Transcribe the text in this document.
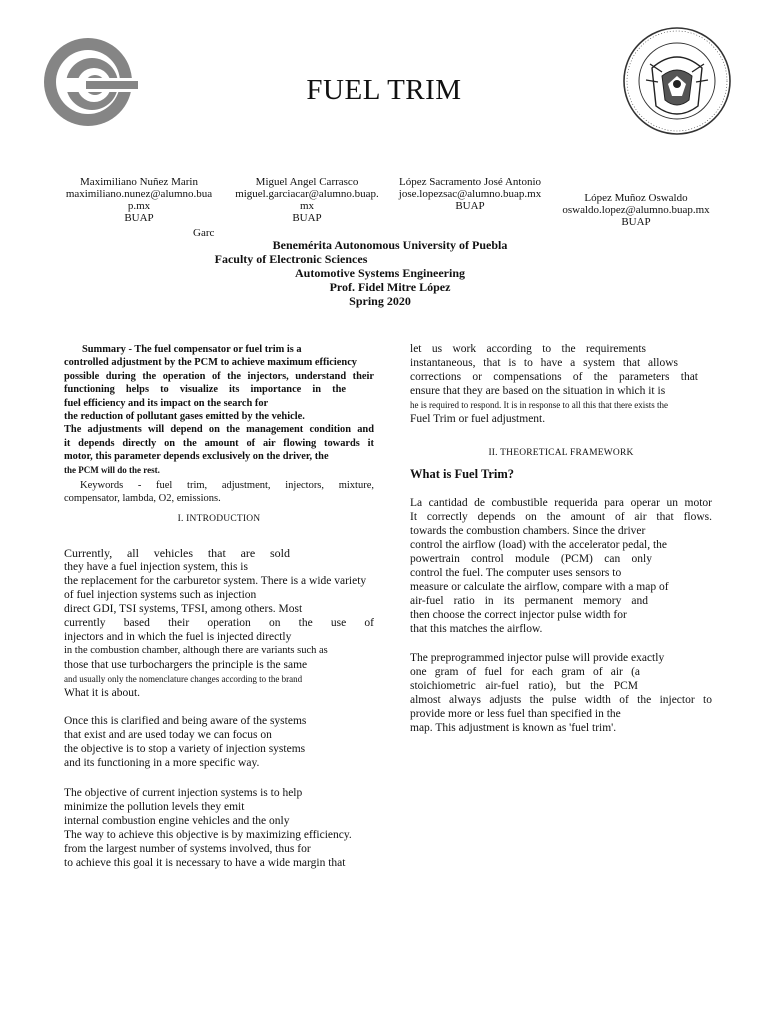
FUEL TRIM
Maximiliano Nuñez Marin
maximiliano.nunez@alumno.bua
p.mx
BUAP
Miguel Angel Carrasco
miguel.garciacar@alumno.buap.
mx
BUAP
López Sacramento José Antonio
jose.lopezsac@alumno.buap.mx
BUAP
López Muñoz Oswaldo
oswaldo.lopez@alumno.buap.mx
BUAP
Garc
Benemérita Autonomous University of Puebla
Faculty of Electronic Sciences
Automotive Systems Engineering
Prof. Fidel Mitre López
Spring 2020

Summary - The fuel compensator or fuel trim is a

controlled adjustment by the PCM to achieve maximum efficiency

possible during the operation of the injectors, understand their

functioning helps to visualize its importance in the

fuel efficiency and its impact on the search for

the reduction of pollutant gases emitted by the vehicle.

The adjustments will depend on the management condition and

it depends directly on the amount of air flowing towards it

motor, this parameter depends exclusively on the driver, the

the PCM will do the rest.

Keywords - fuel trim, adjustment, injectors, mixture,

compensator, lambda, O2, emissions.

I. INTRODUCTION

Currently, all vehicles that are sold

they have a fuel injection system, this is

the replacement for the carburetor system. There is a wide variety

of fuel injection systems such as injection

direct GDI, TSI systems, TFSI, among others. Most

currently based their operation on the use of

injectors and in which the fuel is injected directly

in the combustion chamber, although there are variants such as

those that use turbochargers the principle is the same

and usually only the nomenclature changes according to the brand

What it is about.

Once this is clarified and being aware of the systems

that exist and are used today we can focus on

the objective is to stop a variety of injection systems

and its functioning in a more specific way.

The objective of current injection systems is to help

minimize the pollution levels they emit

internal combustion engine vehicles and the only

The way to achieve this objective is by maximizing efficiency.

from the largest number of systems involved, thus for

to achieve this goal it is necessary to have a wide margin that

let us work according to the requirements

instantaneous, that is to have a system that allows

corrections or compensations of the parameters that

ensure that they are based on the situation in which it is

he is required to respond. It is in response to all this that there exists the

Fuel Trim or fuel adjustment.

II. THEORETICAL FRAMEWORK
What is Fuel Trim?

La cantidad de combustible requerida para operar un motor

It correctly depends on the amount of air that flows.

towards the combustion chambers. Since the driver

control the airflow (load) with the accelerator pedal, the

powertrain control module (PCM) can only

control the fuel. The computer uses sensors to

measure or calculate the airflow, compare with a map of

air-fuel ratio in its permanent memory and

then choose the correct injector pulse width for

that this matches the airflow.

The preprogrammed injector pulse will provide exactly

one gram of fuel for each gram of air (a

stoichiometric air-fuel ratio), but the PCM

almost always adjusts the pulse width of the injector to

provide more or less fuel than specified in the

map. This adjustment is known as 'fuel trim'.
